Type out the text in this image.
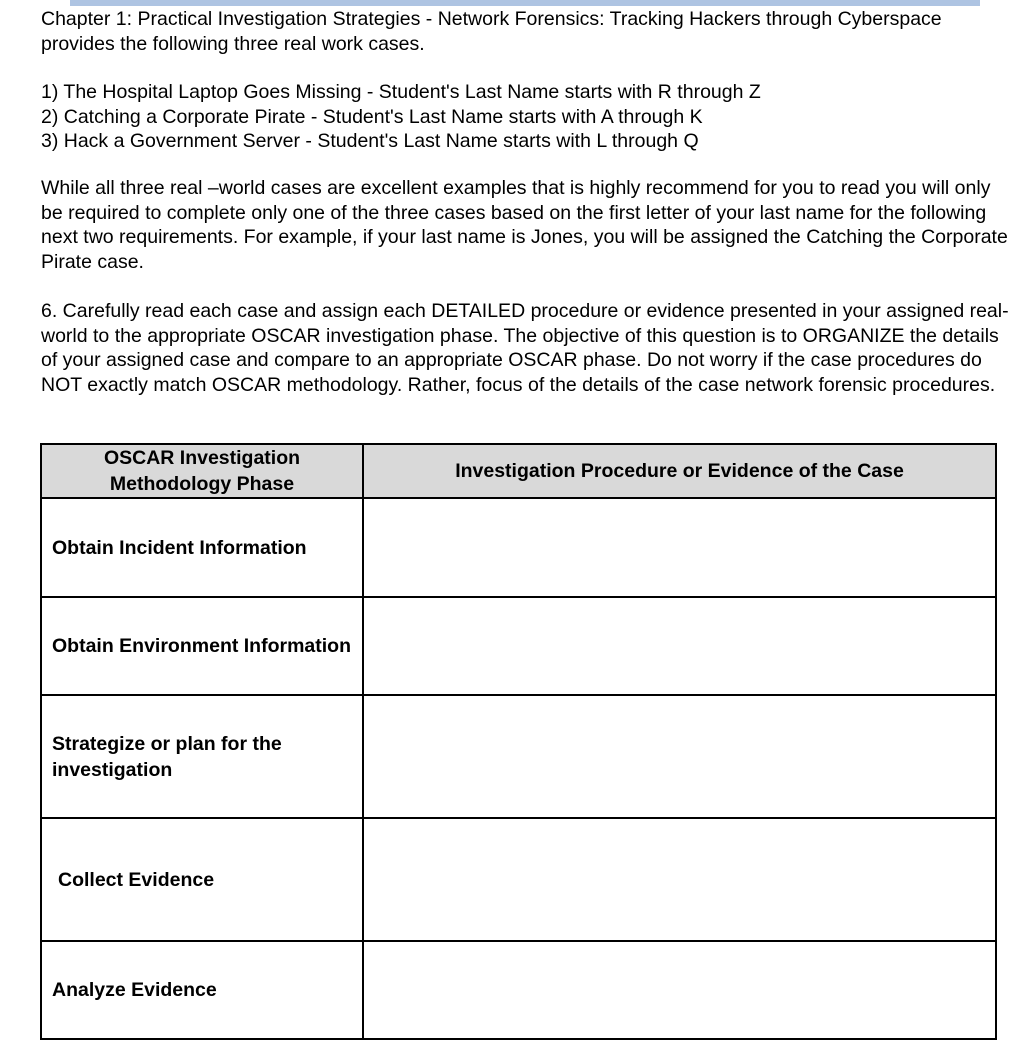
Chapter 1: Practical Investigation Strategies - Network Forensics: Tracking Hackers through Cyberspace provides the following three real work cases.

1) The Hospital Laptop Goes Missing - Student's Last Name starts with R through Z
2) Catching a Corporate Pirate - Student's Last Name starts with A through K
3) Hack a Government Server - Student's Last Name starts with L through Q

While all three real –world cases are excellent examples that is highly recommend for you to read you will only be required to complete only one of the three cases based on the first letter of your last name for the following next two requirements. For example, if your last name is Jones, you will be assigned the Catching the Corporate Pirate case.

6. Carefully read each case and assign each DETAILED procedure or evidence presented in your assigned real-world to the appropriate OSCAR investigation phase. The objective of this question is to ORGANIZE the details of your assigned case and compare to an appropriate OSCAR phase. Do not worry if the case procedures do NOT exactly match OSCAR methodology. Rather, focus of the details of the case network forensic procedures.

OSCAR Investigation Methodology Phase	Investigation Procedure or Evidence of the Case
Obtain Incident Information	
Obtain Environment Information	
Strategize or plan for the investigation	
Collect Evidence	
Analyze Evidence	
